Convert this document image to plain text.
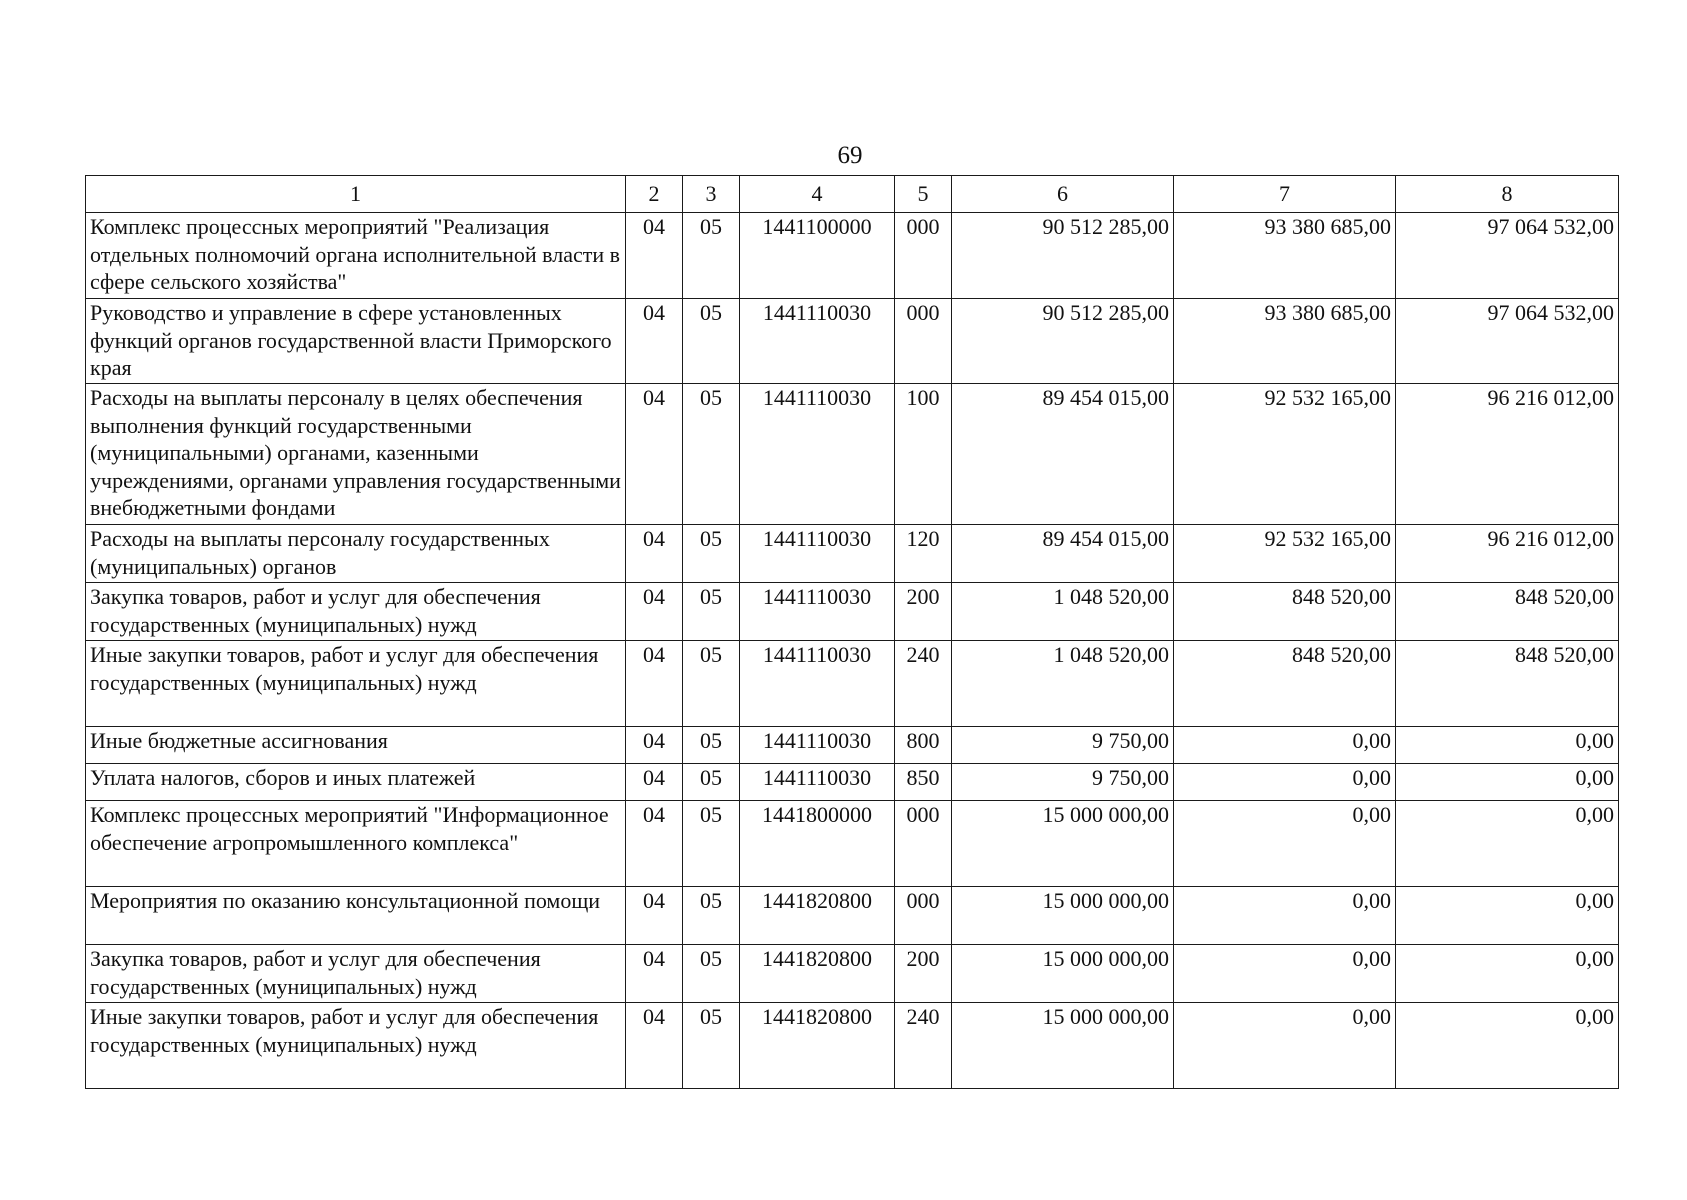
69
1	2	3	4	5	6	7	8
Комплекс процессных мероприятий "Реализация отдельных полномочий органа исполнительной власти в сфере сельского хозяйства"	04	05	1441100000	000	90 512 285,00	93 380 685,00	97 064 532,00
Руководство и управление в сфере установленных функций органов государственной власти Приморского края	04	05	1441110030	000	90 512 285,00	93 380 685,00	97 064 532,00
Расходы на выплаты персоналу в целях обеспечения выполнения функций государственными (муниципальными) органами, казенными учреждениями, органами управления государственными внебюджетными фондами	04	05	1441110030	100	89 454 015,00	92 532 165,00	96 216 012,00
Расходы на выплаты персоналу государственных (муниципальных) органов	04	05	1441110030	120	89 454 015,00	92 532 165,00	96 216 012,00
Закупка товаров, работ и услуг для обеспечения государственных (муниципальных) нужд	04	05	1441110030	200	1 048 520,00	848 520,00	848 520,00
Иные закупки товаров, работ и услуг для обеспечения государственных (муниципальных) нужд	04	05	1441110030	240	1 048 520,00	848 520,00	848 520,00
Иные бюджетные ассигнования	04	05	1441110030	800	9 750,00	0,00	0,00
Уплата налогов, сборов и иных платежей	04	05	1441110030	850	9 750,00	0,00	0,00
Комплекс процессных мероприятий "Информационное обеспечение агропромышленного комплекса"	04	05	1441800000	000	15 000 000,00	0,00	0,00
Мероприятия по оказанию консультационной помощи	04	05	1441820800	000	15 000 000,00	0,00	0,00
Закупка товаров, работ и услуг для обеспечения государственных (муниципальных) нужд	04	05	1441820800	200	15 000 000,00	0,00	0,00
Иные закупки товаров, работ и услуг для обеспечения государственных (муниципальных) нужд	04	05	1441820800	240	15 000 000,00	0,00	0,00
